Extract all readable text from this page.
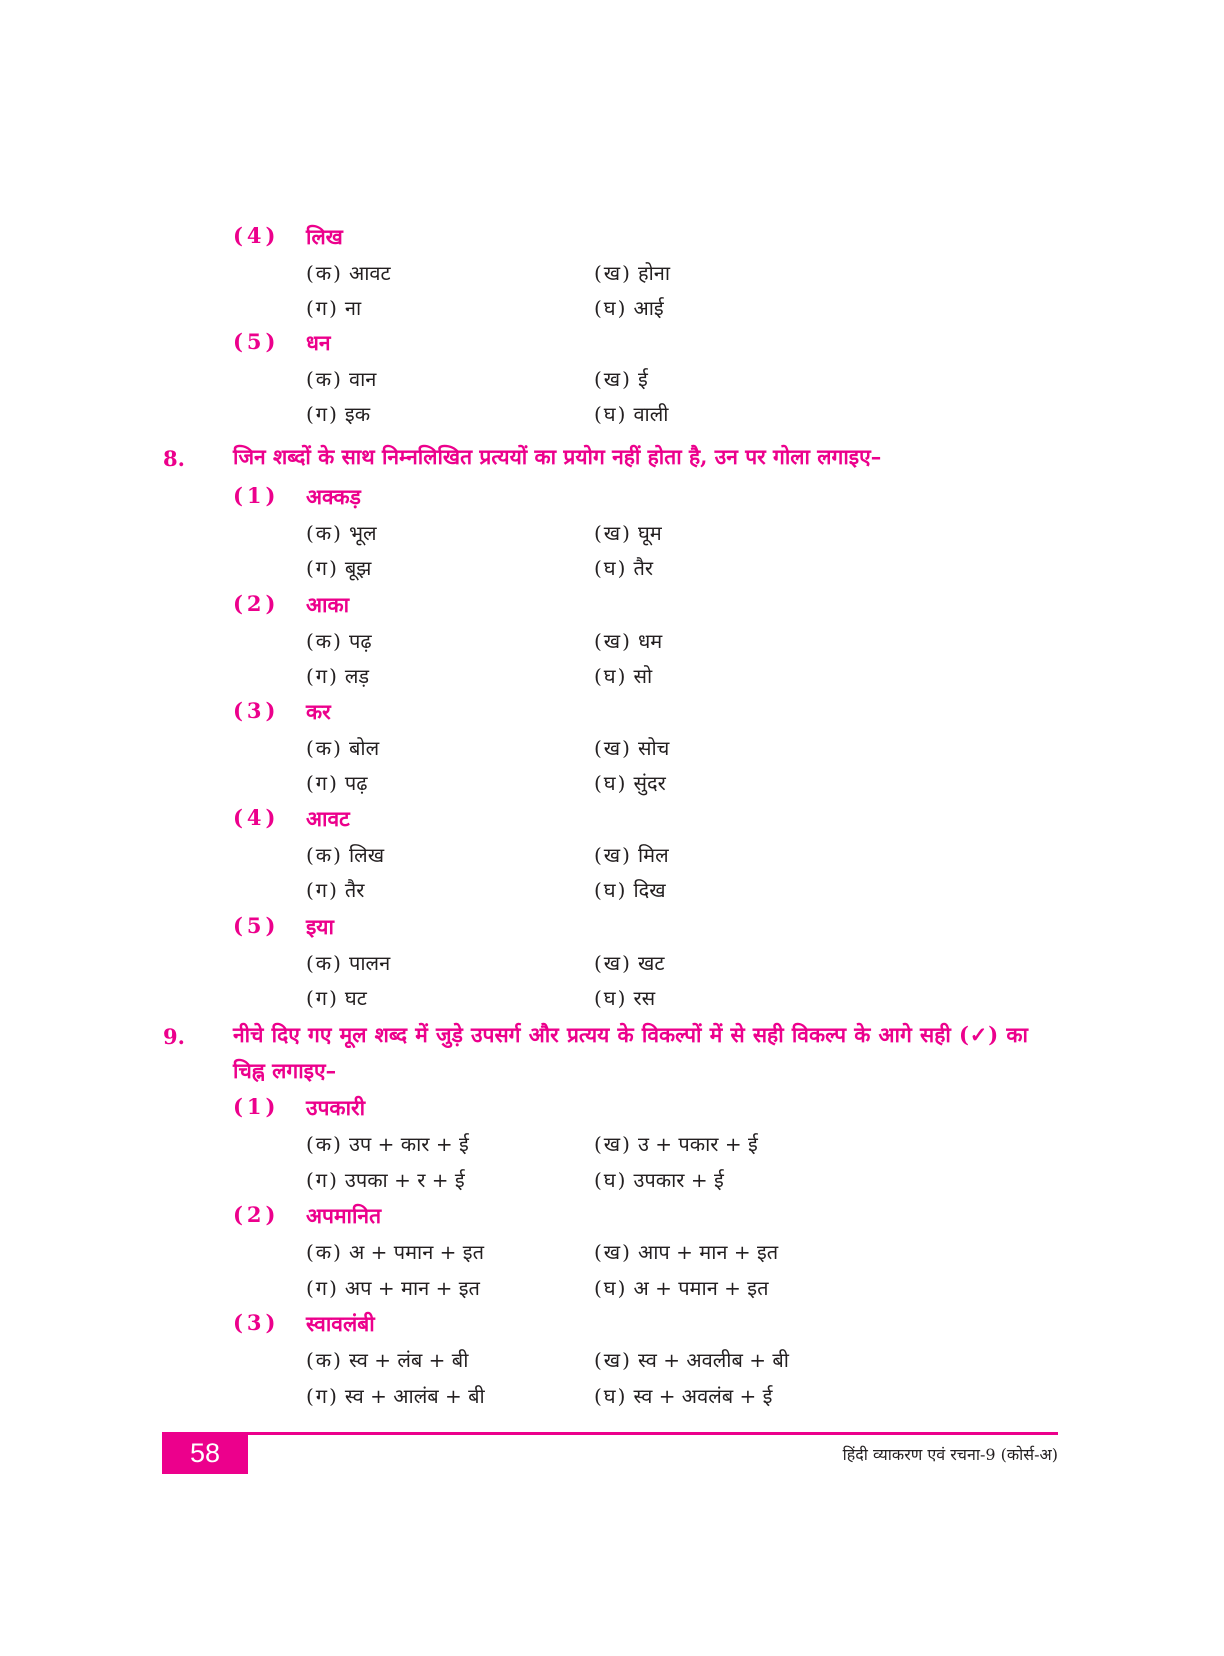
(4) लिख
(क) आवट	(ख) होना
(ग) ना	(घ) आई
(5) धन
(क) वान	(ख) ई
(ग) इक	(घ) वाली
8. जिन शब्दों के साथ निम्नलिखित प्रत्ययों का प्रयोग नहीं होता है, उन पर गोला लगाइए–
(1) अक्कड़
(क) भूल	(ख) घूम
(ग) बूझ	(घ) तैर
(2) आका
(क) पढ़	(ख) धम
(ग) लड़	(घ) सो
(3) कर
(क) बोल	(ख) सोच
(ग) पढ़	(घ) सुंदर
(4) आवट
(क) लिख	(ख) मिल
(ग) तैर	(घ) दिख
(5) इया
(क) पालन	(ख) खट
(ग) घट	(घ) रस
9. नीचे दिए गए मूल शब्द में जुड़े उपसर्ग और प्रत्यय के विकल्पों में से सही विकल्प के आगे सही (✓) का चिह्न लगाइए–
(1) उपकारी
(क) उप + कार + ई	(ख) उ + पकार + ई
(ग) उपका + र + ई	(घ) उपकार + ई
(2) अपमानित
(क) अ + पमान + इत	(ख) आप + मान + इत
(ग) अप + मान + इत	(घ) अ + पमान + इत
(3) स्वावलंबी
(क) स्व + लंब + बी	(ख) स्व + अवलीब + बी
(ग) स्व + आलंब + बी	(घ) स्व + अवलंब + ई
58	हिंदी व्याकरण एवं रचना-9 (कोर्स-अ)
